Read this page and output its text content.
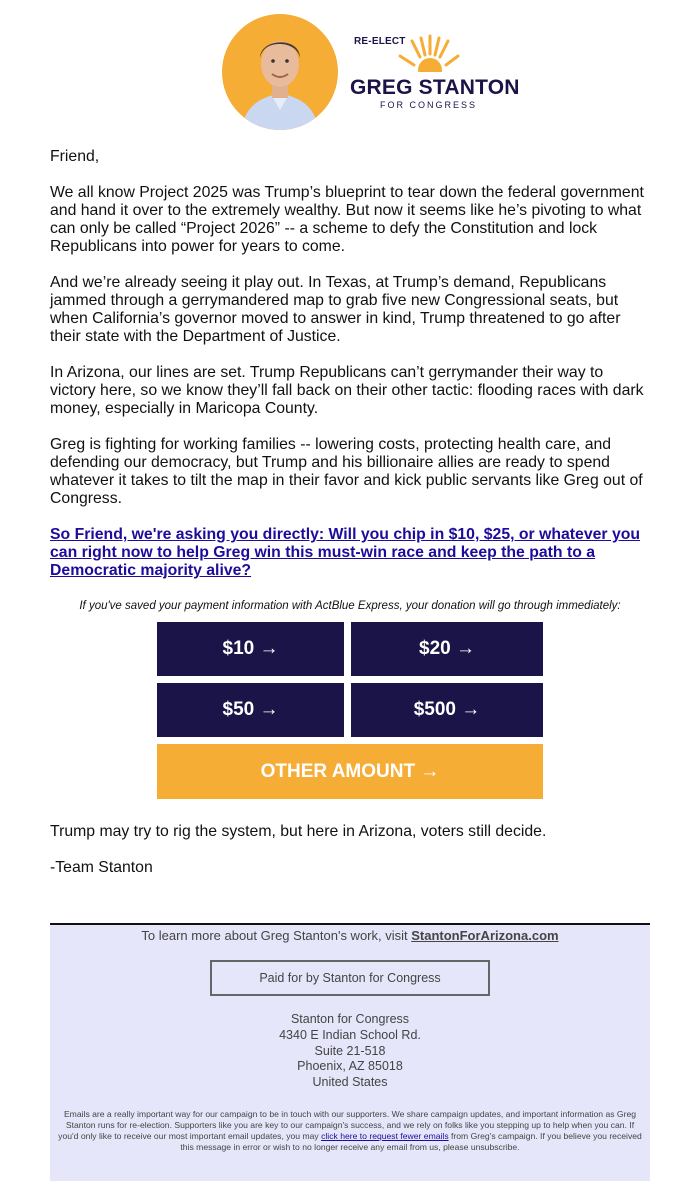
RE-ELECT
GREG STANTON
FOR CONGRESS

Friend,

We all know Project 2025 was Trump’s blueprint to tear down the federal government and hand it over to the extremely wealthy. But now it seems like he’s pivoting to what can only be called “Project 2026” -- a scheme to defy the Constitution and lock Republicans into power for years to come.

And we’re already seeing it play out. In Texas, at Trump’s demand, Republicans jammed through a gerrymandered map to grab five new Congressional seats, but when California’s governor moved to answer in kind, Trump threatened to go after their state with the Department of Justice.

In Arizona, our lines are set. Trump Republicans can’t gerrymander their way to victory here, so we know they’ll fall back on their other tactic: flooding races with dark money, especially in Maricopa County.

Greg is fighting for working families -- lowering costs, protecting health care, and defending our democracy, but Trump and his billionaire allies are ready to spend whatever it takes to tilt the map in their favor and kick public servants like Greg out of Congress.

So Friend, we're asking you directly: Will you chip in $10, $25, or whatever you can right now to help Greg win this must-win race and keep the path to a Democratic majority alive?

If you've saved your payment information with ActBlue Express, your donation will go through immediately:
$10 →	$20 →
$50 →	$500 →
OTHER AMOUNT →

Trump may try to rig the system, but here in Arizona, voters still decide.

-Team Stanton

To learn more about Greg Stanton's work, visit StantonForArizona.com
Paid for by Stanton for Congress
Stanton for Congress
4340 E Indian School Rd.
Suite 21-518
Phoenix, AZ 85018
United States
Emails are a really important way for our campaign to be in touch with our supporters. We share campaign updates, and important information as Greg Stanton runs for re-election. Supporters like you are key to our campaign's success, and we rely on folks like you stepping up to help when you can. If you'd only like to receive our most important email updates, you may click here to request fewer emails from Greg's campaign. If you believe you received this message in error or wish to no longer receive any email from us, please unsubscribe.
